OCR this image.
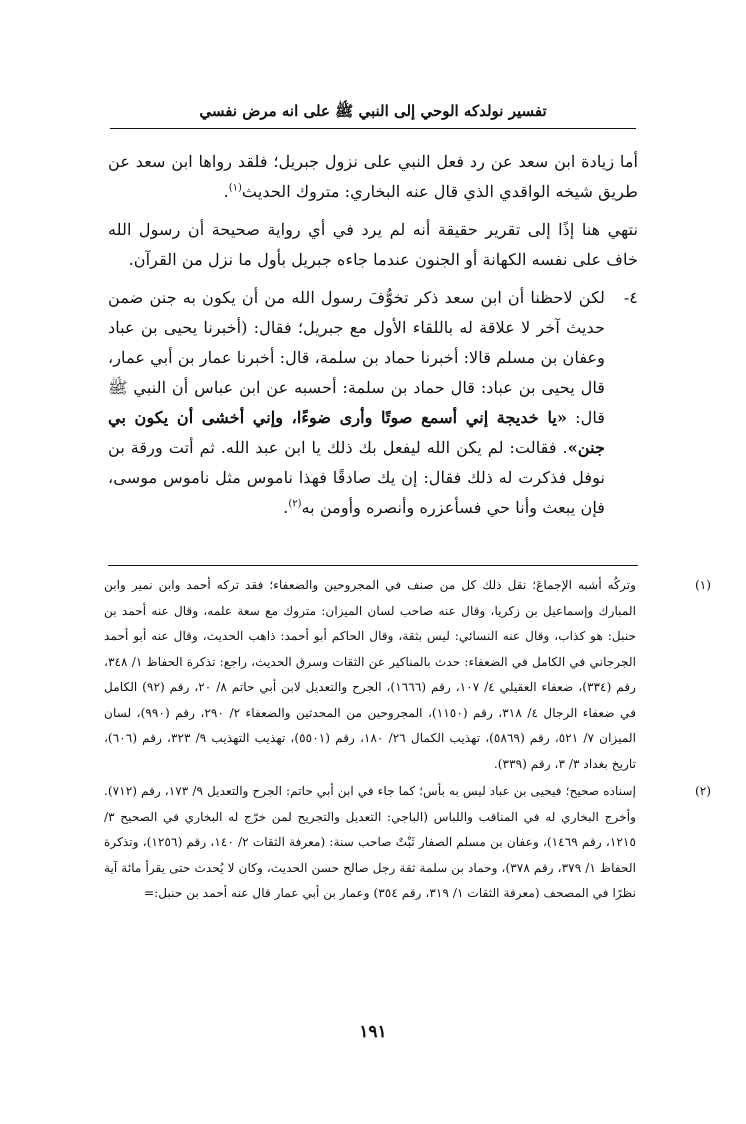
تفسير نولدكه الوحي إلى النبي ﷺ على انه مرض نفسي

أما زيادة ابن سعد عن رد فعل النبي على نزول جبريل؛ فلقد رواها ابن سعد عن طريق شيخه الواقدي الذي قال عنه البخاري: متروك الحديث$^{(١)}$.

نتهي هنا إذًا إلى تقرير حقيقة أنه لم يرد في أي رواية صحيحة أن رسول الله خاف على نفسه الكهانة أو الجنون عندما جاءه جبريل بأول ما نزل من القرآن.

٤-
لكن لاحظنا أن ابن سعد ذكر تخوُّفَ رسول الله من أن يكون به جنن ضمن حديث آخر لا علاقة له باللقاء الأول مع جبريل؛ فقال: (أخبرنا يحيى بن عباد وعفان بن مسلم قالا: أخبرنا حماد بن سلمة، قال: أخبرنا عمار بن أبي عمار، قال يحيى بن عباد: قال حماد بن سلمة: أحسبه عن ابن عباس أن النبي ﷺ قال: «يا خديجة إني أسمع صوتًا وأرى ضوءًا، وإني أخشى أن يكون بي جنن». فقالت: لم يكن الله ليفعل بك ذلك يا ابن عبد الله. ثم أتت ورقة بن نوفل فذكرت له ذلك فقال: إن يك صادقًا فهذا ناموس مثل ناموس موسى، فإن يبعث وأنا حي فسأعزره وأنصره وأومن به$^{(٢)}$.

(١)
وتركُه أشبه الإجماعَ؛ نقل ذلك كل من صنف في المجروحين والضعفاء؛ فقد تركه أحمد وابن نمير وابن المبارك وإسماعيل بن زكريا، وقال عنه صاحب لسان الميزان: متروك مع سعة علمه، وقال عنه أحمد بن حنبل: هو كذاب، وقال عنه النسائي: ليس بثقة، وقال الحاكم أبو أحمد: ذاهب الحديث، وقال عنه أبو أحمد الجرجاني في الكامل في الضعفاء: حدث بالمناكير عن الثقات وسرق الحديث، راجع: تذكرة الحفاظ ١/ ٣٤٨، رقم (٣٣٤)، ضعفاء العقيلي ٤/ ١٠٧، رقم (١٦٦٦)، الجرح والتعديل لابن أبي حاتم ٨/ ٢٠، رقم (٩٢) الكامل في ضعفاء الرجال ٤/ ٣١٨، رقم (١١٥٠)، المجروحين من المحدثين والضعفاء ٢/ ٢٩٠، رقم (٩٩٠)، لسان الميزان ٧/ ٥٢١، رقم (٥٨٦٩)، تهذيب الكمال ٢٦/ ١٨٠، رقم (٥٥٠١)، تهذيب التهذيب ٩/ ٣٢٣، رقم (٦٠٦)، تاريخ بغداد ٣/ ٣، رقم (٣٣٩).
(٢)
إسناده صحيح؛ فيحيى بن عباد ليس به بأس؛ كما جاء في ابن أبي حاتم: الجرح والتعديل ٩/ ١٧٣، رقم (٧١٢). وأخرج البخاري له في المناقب واللباس (الباجي: التعديل والتجريح لمن خرّج له البخاري في الصحيح ٣/ ١٢١٥، رقم ١٤٦٩)، وعفان بن مسلم الصفار ثَبْتٌ صاحب سنة: (معرفة الثقات ٢/ ١٤٠، رقم (١٢٥٦)، وتذكرة الحفاظ ١/ ٣٧٩، رقم ٣٧٨)، وحماد بن سلمة ثقة رجل صالح حسن الحديث، وكان لا يُحدث حتى يقرأ مائة آية نظرًا في المصحف (معرفة الثقات ١/ ٣١٩، رقم ٣٥٤) وعمار بن أبي عمار قال عنه أحمد بن حنبل:=
١٩١
